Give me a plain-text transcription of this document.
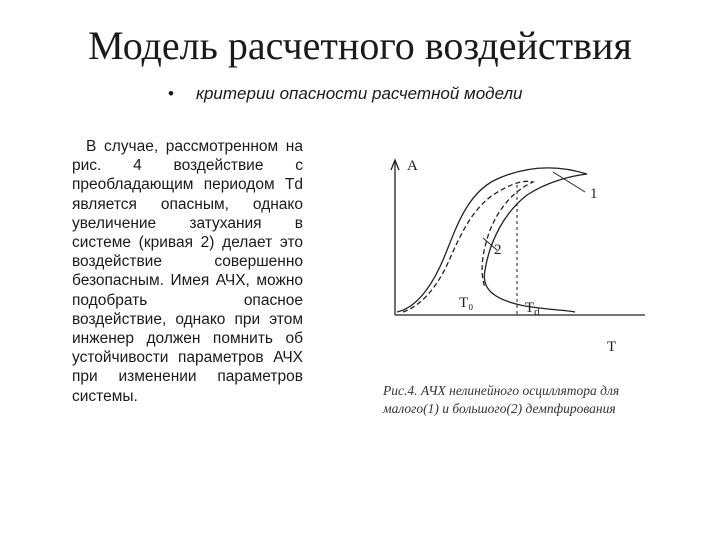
Модель расчетного воздействия
• критерии опасности расчетной модели
В случае, рассмотренном на рис. 4 воздействие с преобладающим периодом Td является опасным, однако увеличение затухания в системе (кривая 2) делает это воздействие совершенно безопасным. Имея АЧХ, можно подобрать опасное воздействие, однако при этом инженер должен помнить об устойчивости параметров АЧХ при изменении параметров системы.
A
T
1
2
T₀	$T_d$
Рис.4. АЧХ нелинейного осциллятора для
малого(1) и большого(2) демпфирования
